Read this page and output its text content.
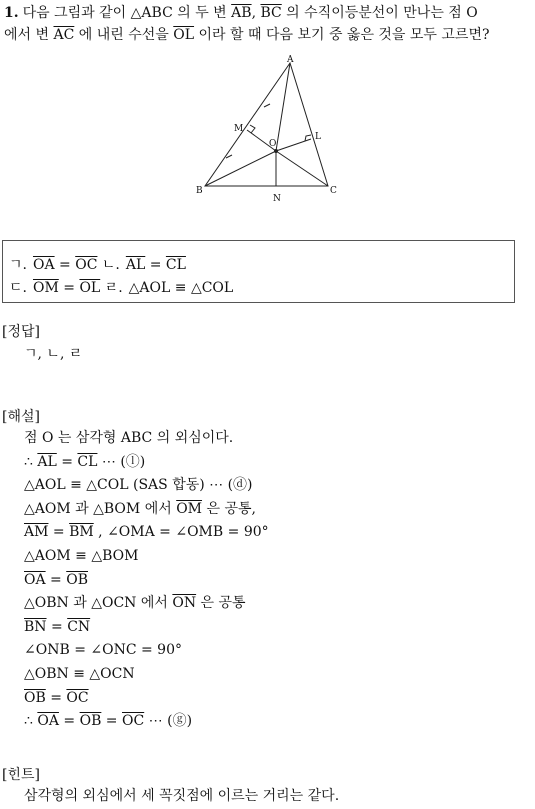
1. 다음 그림과 같이 △ABC 의 두 변 $\overline{AB}$, $\overline{BC}$ 의 수직이등분선이 만나는 점 O
에서 변 $\overline{AC}$ 에 내린 수선을 $\overline{OL}$ 이라 할 때 다음 보기 중 옳은 것을 모두 고르면?
A
B	C
M
O
L
N
ㄱ. $\overline{OA} = \overline{OC}$ ㄴ. $\overline{AL} = \overline{CL}$
ㄷ. $\overline{OM} = \overline{OL}$ ㄹ. △AOL ≡ △COL
[정답]
ㄱ, ㄴ, ㄹ
[해설]
점 O 는 삼각형 ABC 의 외심이다.
∴ $\overline{AL} = \overline{CL}$ ⋯ (ⓛ)
△AOL ≡ △COL (SAS 합동) ⋯ (ⓓ)
△AOM 과 △BOM 에서 $\overline{OM}$ 은 공통,
$\overline{AM} = \overline{BM}$ , ∠OMA = ∠OMB = 90°
△AOM ≡ △BOM
$\overline{OA} = \overline{OB}$
△OBN 과 △OCN 에서 $\overline{ON}$ 은 공통
$\overline{BN} = \overline{CN}$
∠ONB = ∠ONC = 90°
△OBN ≡ △OCN
$\overline{OB} = \overline{OC}$
∴ $\overline{OA} = \overline{OB} = \overline{OC}$ ⋯ (ⓖ)
[힌트]
삼각형의 외심에서 세 꼭짓점에 이르는 거리는 같다.
